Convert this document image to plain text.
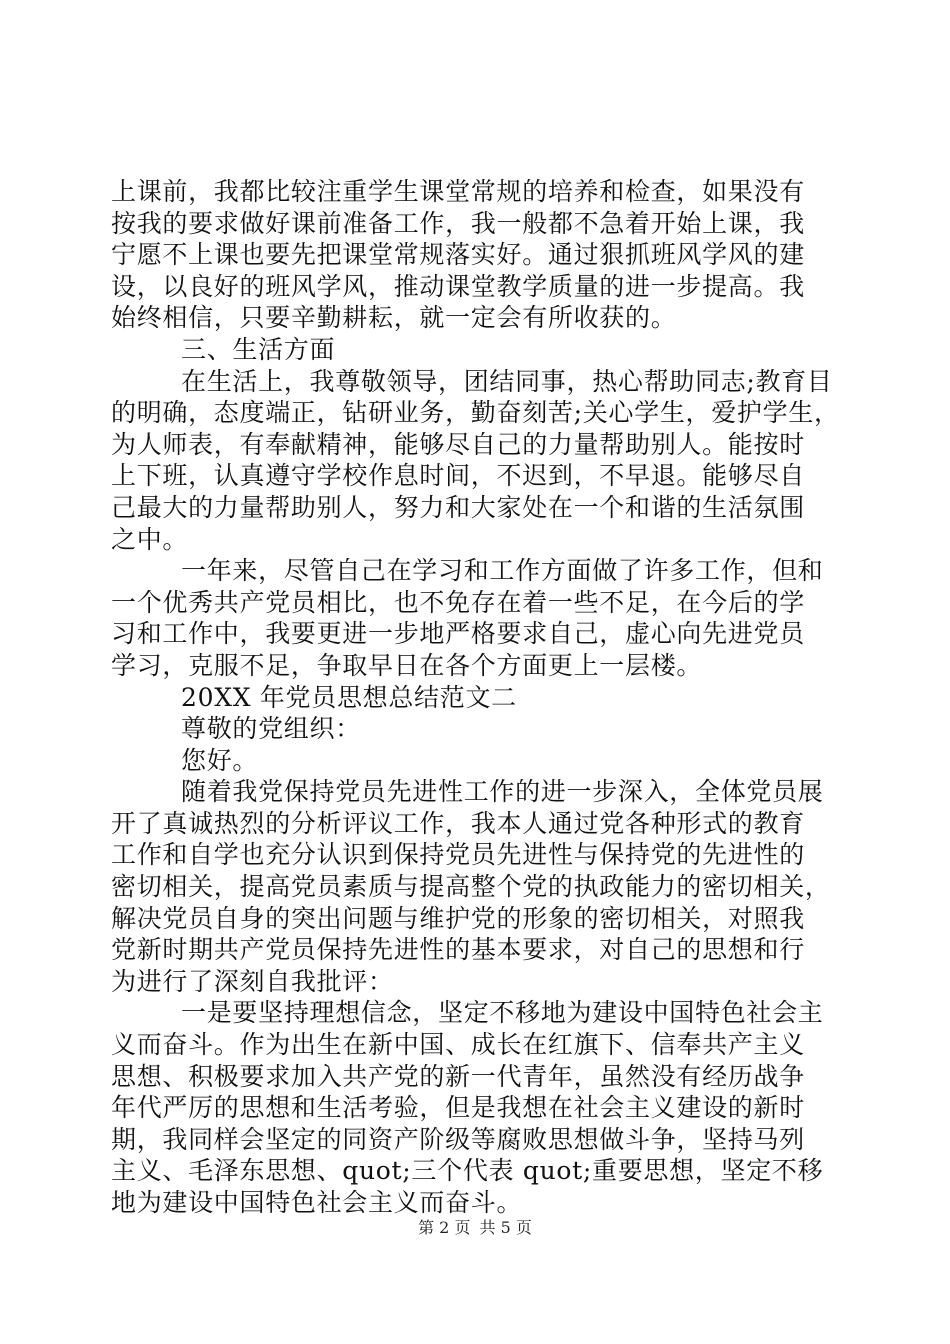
上课前，我都比较注重学生课堂常规的培养和检查，如果没有
按我的要求做好课前准备工作，我一般都不急着开始上课，我
宁愿不上课也要先把课堂常规落实好。通过狠抓班风学风的建
设，以良好的班风学风，推动课堂教学质量的进一步提高。我
始终相信，只要辛勤耕耘，就一定会有所收获的。
三、生活方面
在生活上，我尊敬领导，团结同事，热心帮助同志;教育目
的明确，态度端正，钻研业务，勤奋刻苦;关心学生，爱护学生，
为人师表，有奉献精神，能够尽自己的力量帮助别人。能按时
上下班，认真遵守学校作息时间，不迟到，不早退。能够尽自
己最大的力量帮助别人，努力和大家处在一个和谐的生活氛围
之中。
一年来，尽管自己在学习和工作方面做了许多工作，但和
一个优秀共产党员相比，也不免存在着一些不足，在今后的学
习和工作中，我要更进一步地严格要求自己，虚心向先进党员
学习，克服不足，争取早日在各个方面更上一层楼。
20XX 年党员思想总结范文二
尊敬的党组织：
您好。
随着我党保持党员先进性工作的进一步深入，全体党员展
开了真诚热烈的分析评议工作，我本人通过党各种形式的教育
工作和自学也充分认识到保持党员先进性与保持党的先进性的
密切相关，提高党员素质与提高整个党的执政能力的密切相关，
解决党员自身的突出问题与维护党的形象的密切相关，对照我
党新时期共产党员保持先进性的基本要求，对自己的思想和行
为进行了深刻自我批评：
一是要坚持理想信念，坚定不移地为建设中国特色社会主
义而奋斗。作为出生在新中国、成长在红旗下、信奉共产主义
思想、积极要求加入共产党的新一代青年，虽然没有经历战争
年代严厉的思想和生活考验，但是我想在社会主义建设的新时
期，我同样会坚定的同资产阶级等腐败思想做斗争，坚持马列
主义、毛泽东思想、quot;三个代表 quot;重要思想，坚定不移
地为建设中国特色社会主义而奋斗。
第 2 页 共 5 页
